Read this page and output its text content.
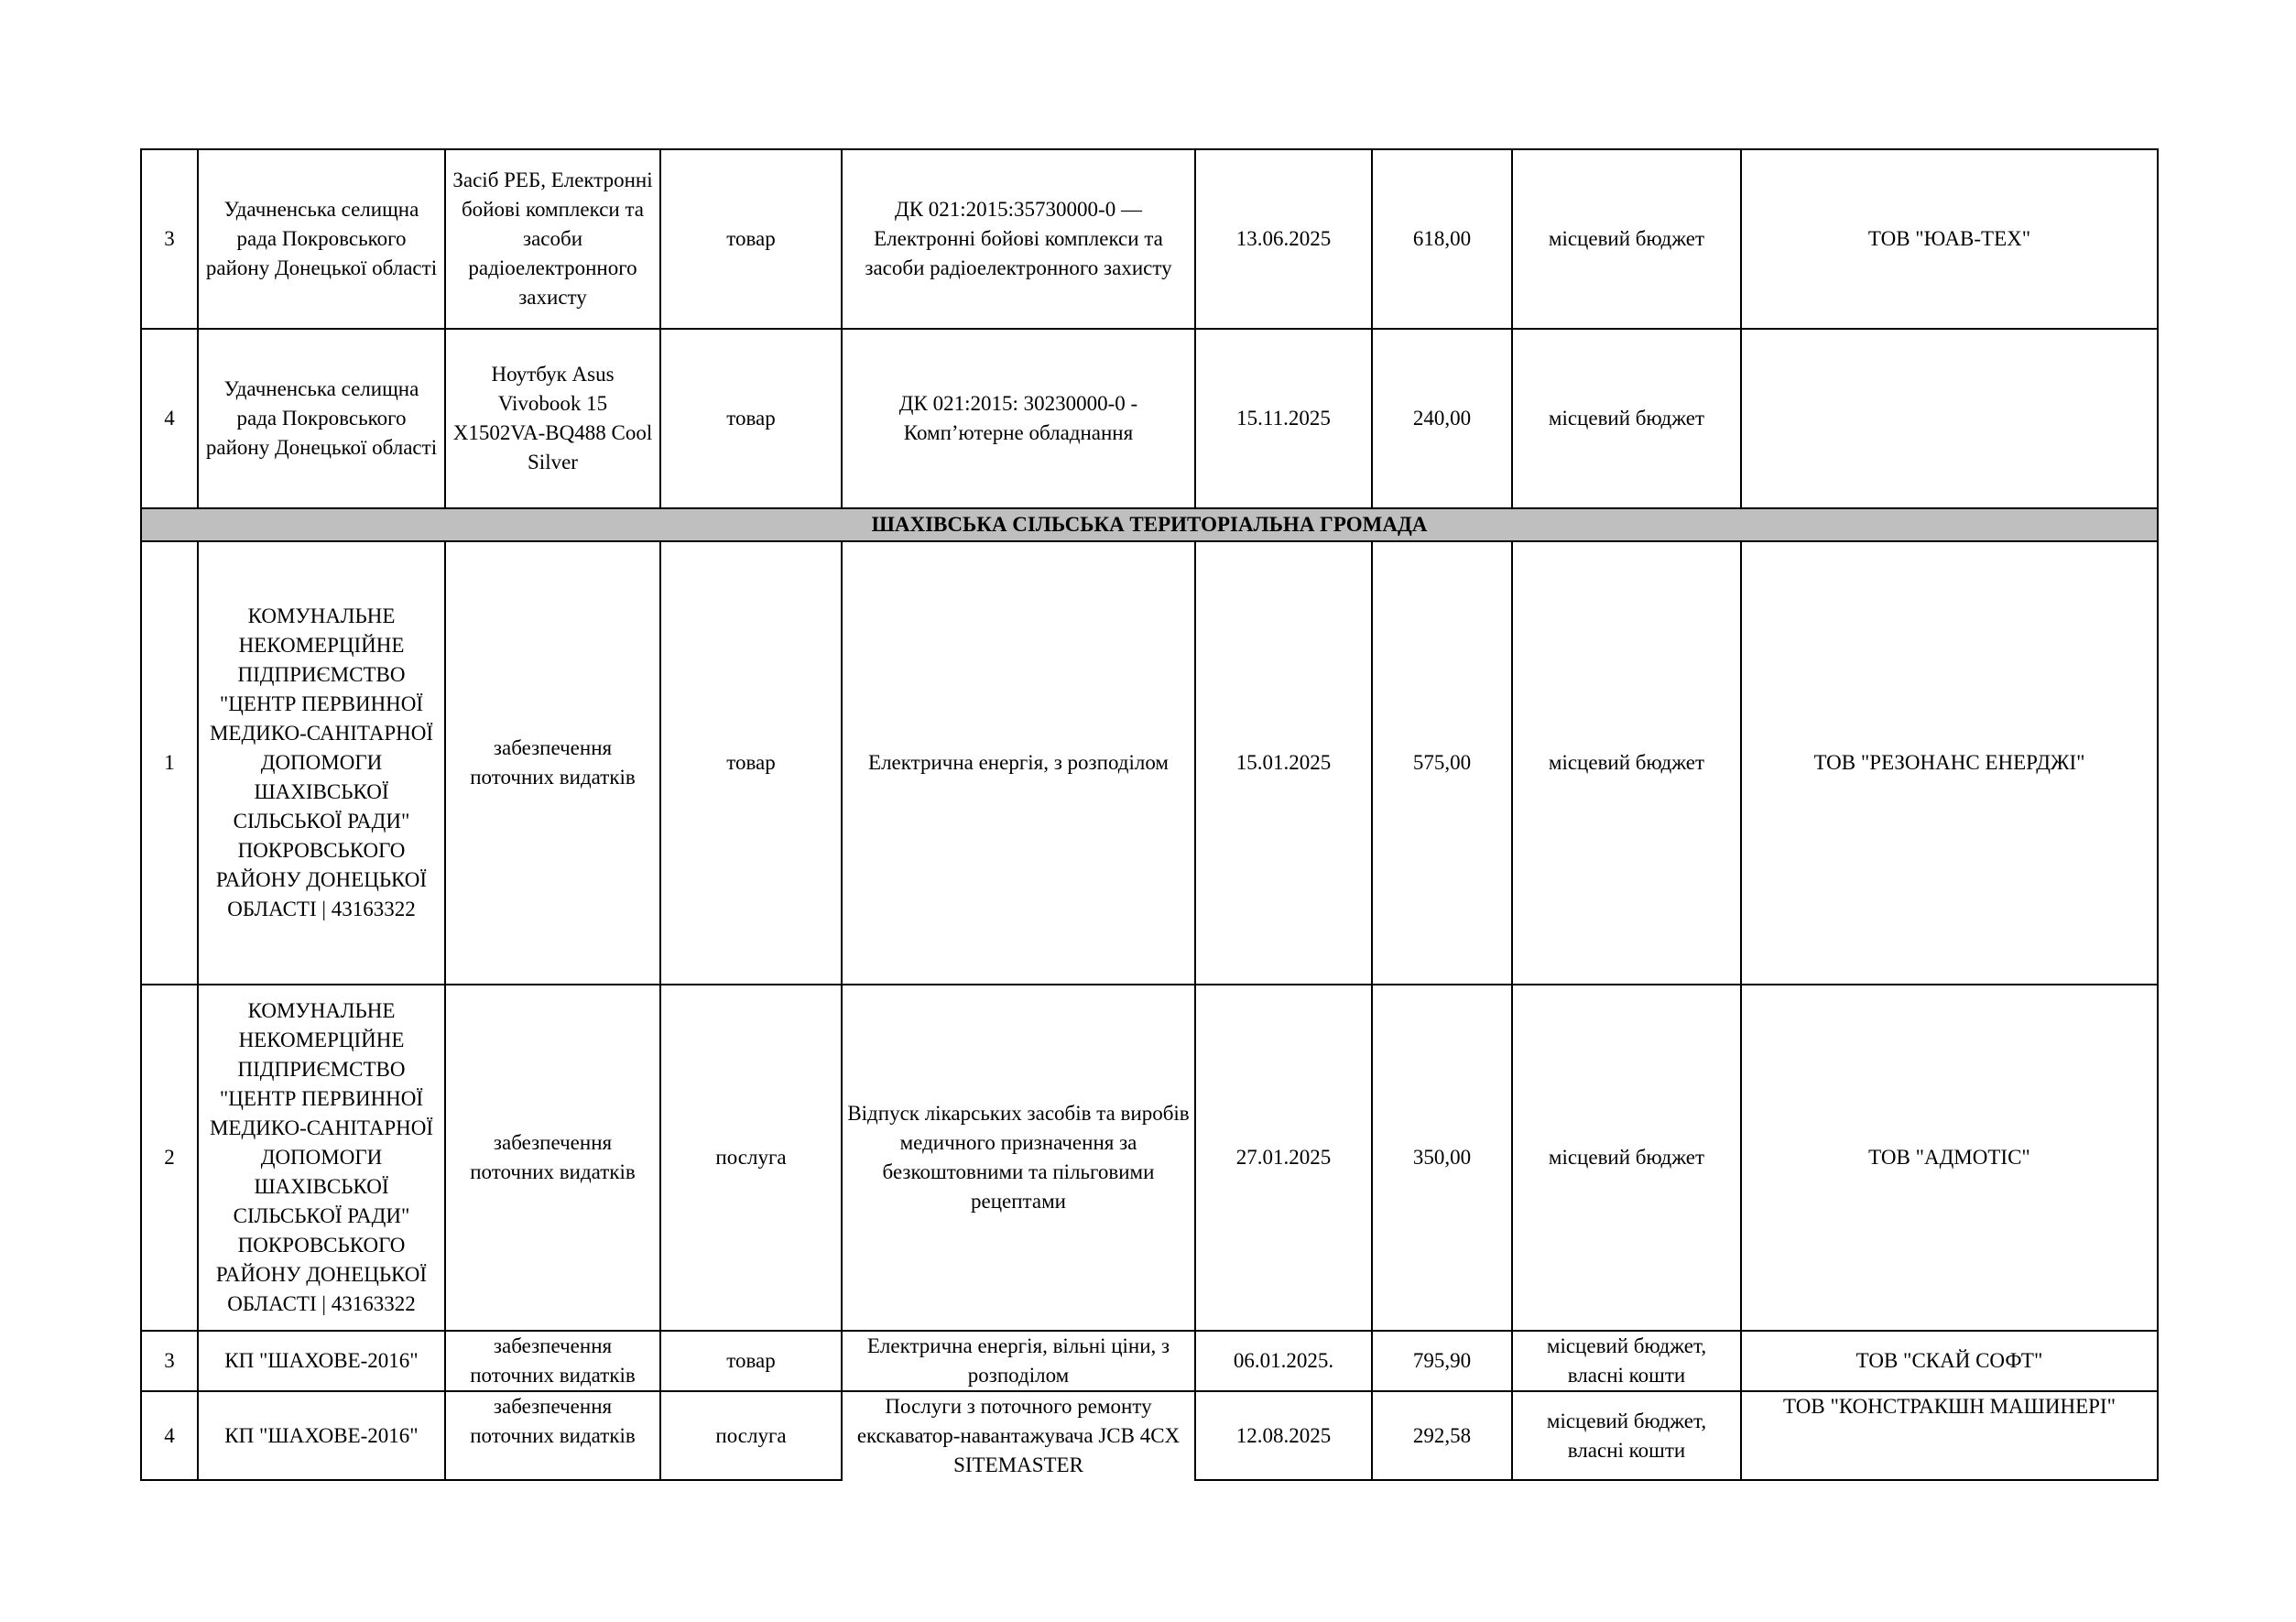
3	Удачненська селищна рада Покровського району Донецької області	Засіб РЕБ, Електронні бойові комплекси та засоби радіоелектронного захисту	товар	ДК 021:2015:35730000-0 — Електронні бойові комплекси та засоби радіоелектронного захисту	13.06.2025	618,00	місцевий бюджет	ТОВ "ЮАВ-ТЕХ"
4	Удачненська селищна рада Покровського району Донецької області	Ноутбук Asus Vivobook 15 X1502VA-BQ488 Cool Silver	товар	ДК 021:2015: 30230000-0 - Комп’ютерне обладнання	15.11.2025	240,00	місцевий бюджет	
ШАХІВСЬКА СІЛЬСЬКА ТЕРИТОРІАЛЬНА ГРОМАДА								
1	КОМУНАЛЬНЕ НЕКОМЕРЦІЙНЕ ПІДПРИЄМСТВО "ЦЕНТР ПЕРВИННОЇ МЕДИКО-САНІТАРНОЇ ДОПОМОГИ ШАХІВСЬКОЇ СІЛЬСЬКОЇ РАДИ" ПОКРОВСЬКОГО РАЙОНУ ДОНЕЦЬКОЇ ОБЛАСТІ | 43163322	забезпечення поточних видатків	товар	Електрична енергія, з розподілом	15.01.2025	575,00	місцевий бюджет	ТОВ "РЕЗОНАНС ЕНЕРДЖІ"
2	КОМУНАЛЬНЕ НЕКОМЕРЦІЙНЕ ПІДПРИЄМСТВО "ЦЕНТР ПЕРВИННОЇ МЕДИКО-САНІТАРНОЇ ДОПОМОГИ ШАХІВСЬКОЇ СІЛЬСЬКОЇ РАДИ" ПОКРОВСЬКОГО РАЙОНУ ДОНЕЦЬКОЇ ОБЛАСТІ | 43163322	забезпечення поточних видатків	послуга	Відпуск лікарських засобів та виробів медичного призначення за безкоштовними та пільговими рецептами	27.01.2025	350,00	місцевий бюджет	ТОВ "АДМОТІС"
3	КП "ШАХОВЕ-2016"	забезпечення поточних видатків	товар	Електрична енергія, вільні ціни, з розподілом	06.01.2025.	795,90	місцевий бюджет, власні кошти	ТОВ "СКАЙ СОФТ"
4	КП "ШАХОВЕ-2016"	забезпечення поточних видатків	послуга	Послуги з поточного ремонту екскаватор-навантажувача JCB 4CX SITEMASTER	12.08.2025	292,58	місцевий бюджет, власні кошти	ТОВ "КОНСТРАКШН МАШИНЕРІ"
